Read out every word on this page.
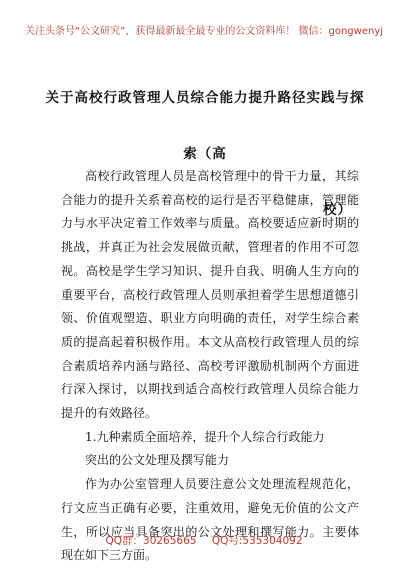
关注头条号“公文研究”，获得最新最全最专业的公文资料库！ 微信：gongwenyj
关于高校行政管理人员综合能力提升路径实践与探索（高
校）

高校行政管理人员是高校管理中的骨干力量，其综合能力的提升关系着高校的运行是否平稳健康，管理能力与水平决定着工作效率与质量。高校要适应新时期的挑战，并真正为社会发展做贡献，管理者的作用不可忽视。高校是学生学习知识、提升自我、明确人生方向的重要平台，高校行政管理人员则承担着学生思想道德引领、价值观塑造、职业方向明确的责任，对学生综合素质的提高起着积极作用。本文从高校行政管理人员的综合素质培养内涵与路径、高校考评激励机制两个方面进行深入探讨，以期找到适合高校行政管理人员综合能力提升的有效路径。

1.九种素质全面培养，提升个人综合行政能力

突出的公文处理及撰写能力

作为办公室管理人员要注意公文处理流程规范化，行文应当正确有必要，注重效用，避免无价值的公文产生，所以应当具备突出的公文处理和撰写能力。主要体现在如下三方面。

QQ群：30265665 QQ号:535304092
